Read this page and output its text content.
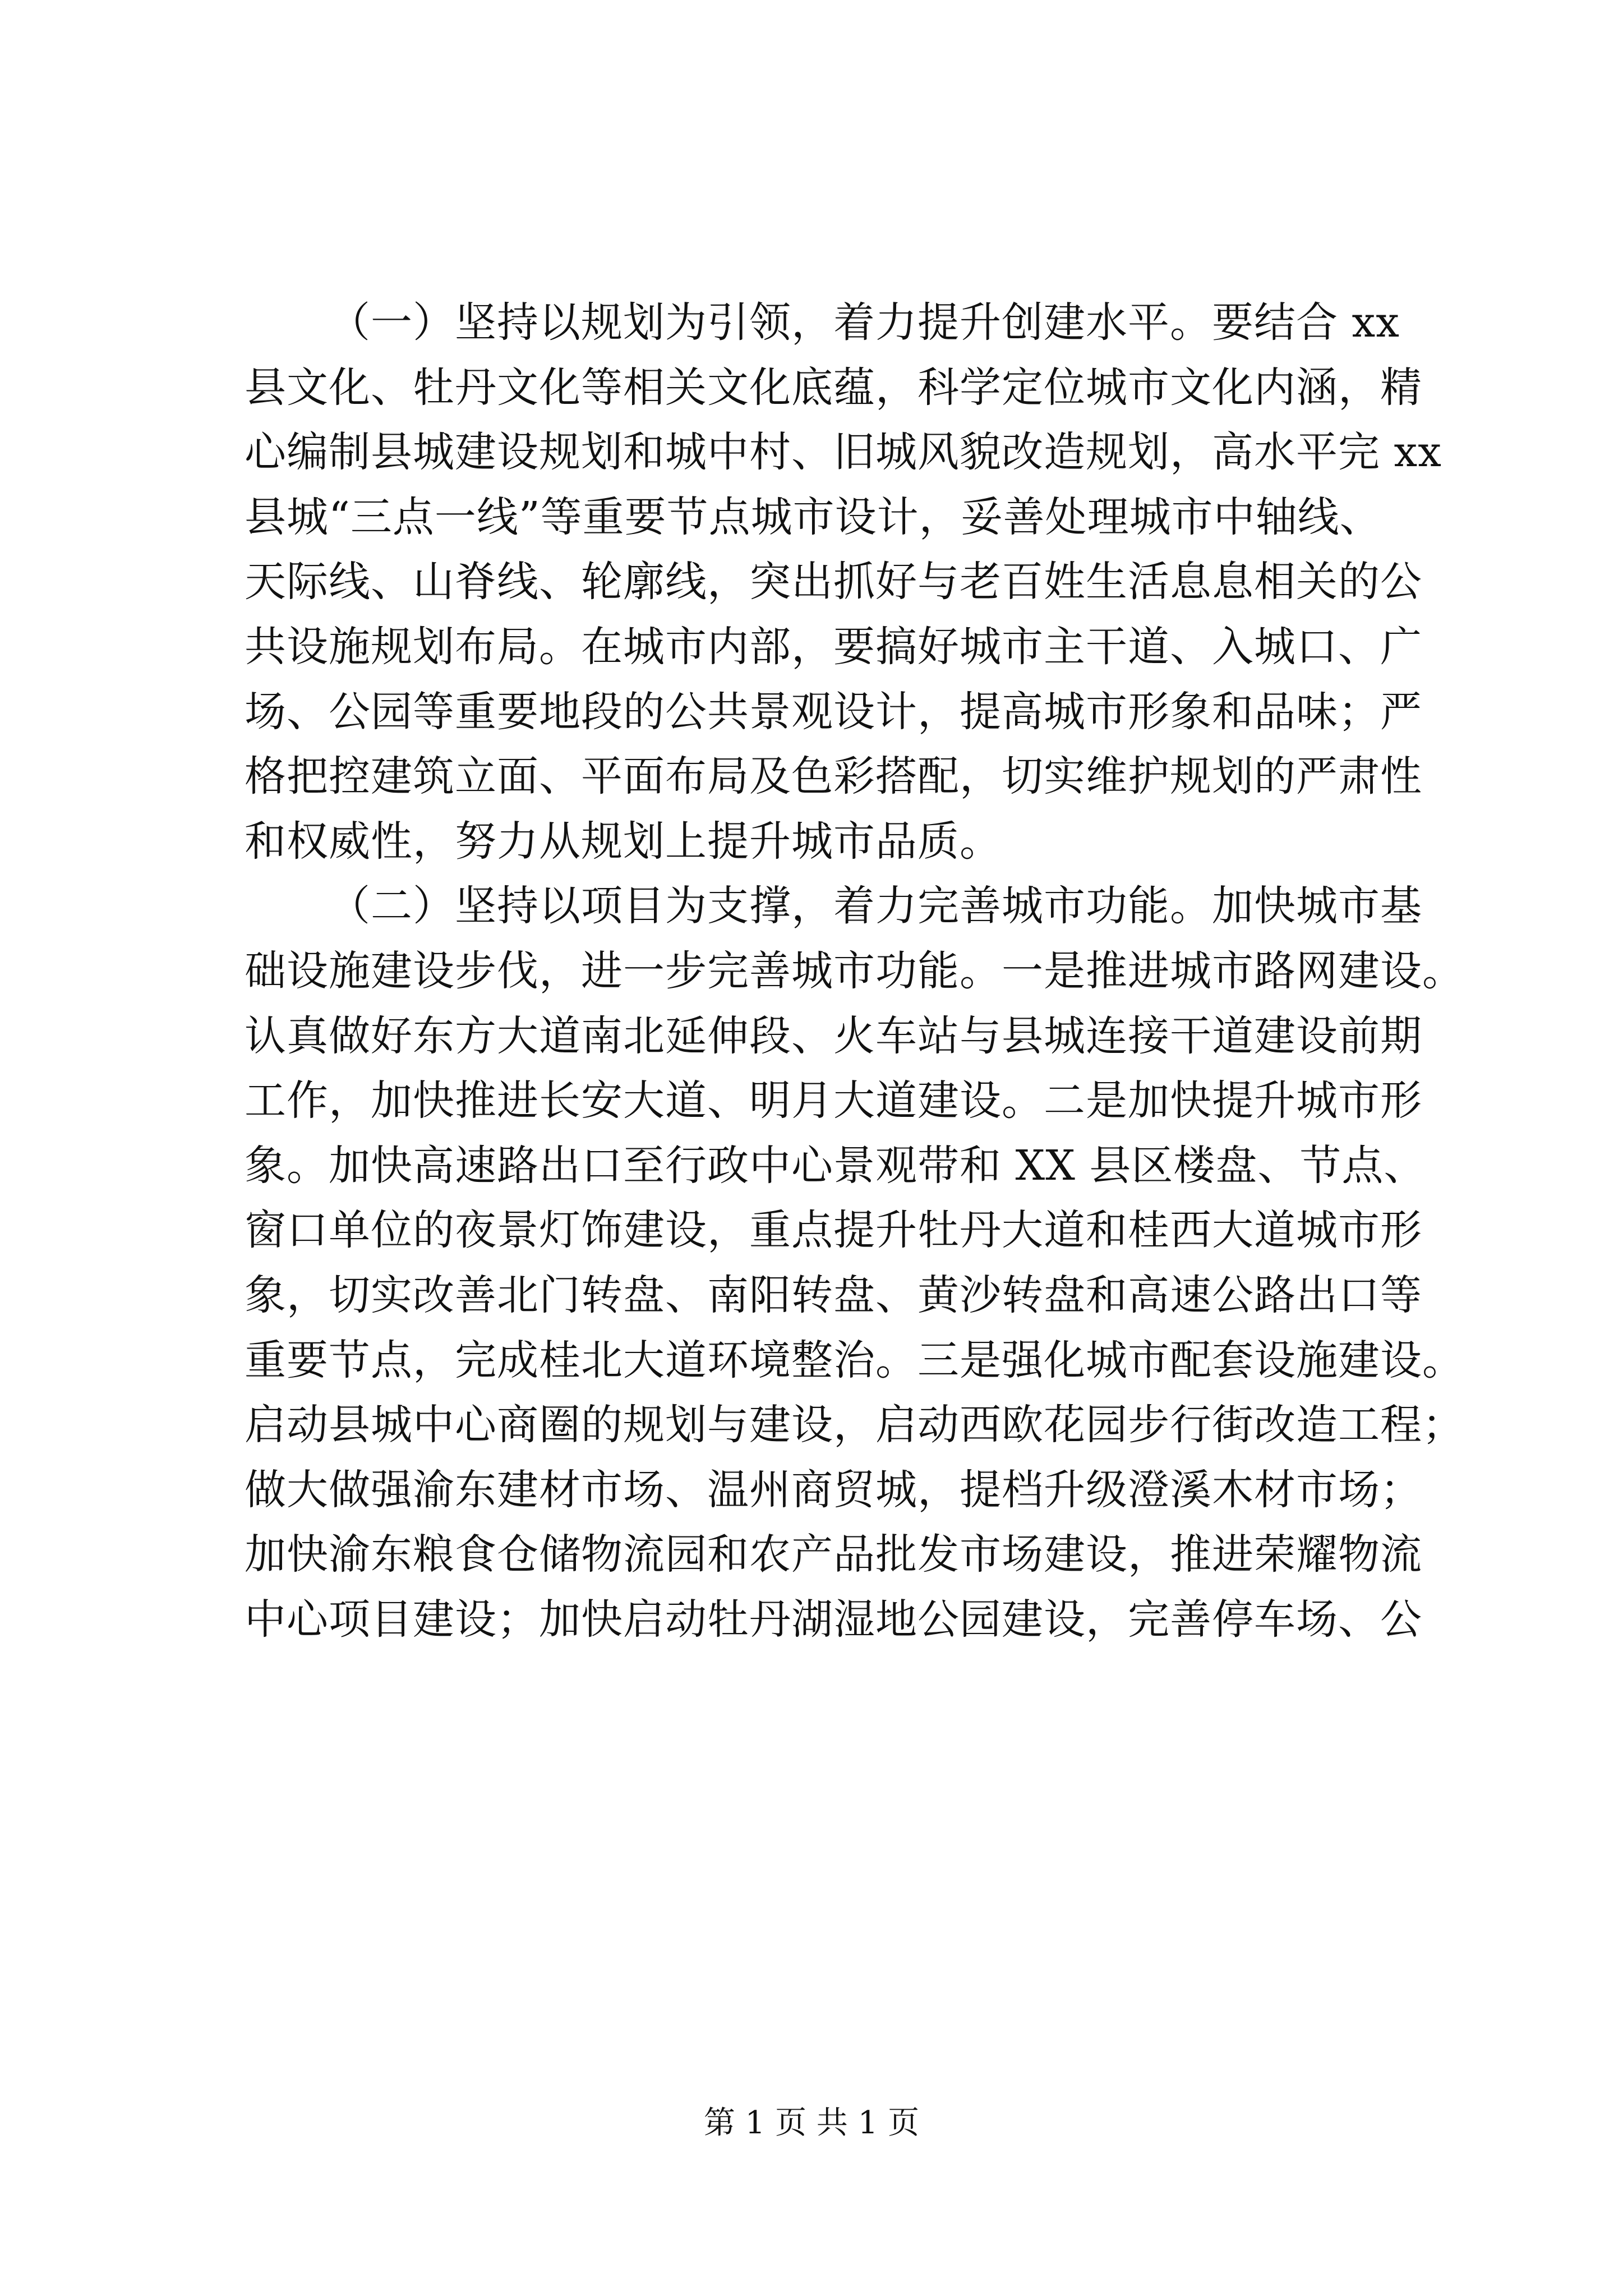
（一）坚持以规划为引领，着力提升创建水平。要结合 xx
县文化、牡丹文化等相关文化底蕴，科学定位城市文化内涵，精
心编制县城建设规划和城中村、旧城风貌改造规划，高水平完 xx
县城“三点一线”等重要节点城市设计，妥善处理城市中轴线、
天际线、山脊线、轮廓线，突出抓好与老百姓生活息息相关的公
共设施规划布局。在城市内部，要搞好城市主干道、入城口、广
场、公园等重要地段的公共景观设计，提高城市形象和品味；严
格把控建筑立面、平面布局及色彩搭配，切实维护规划的严肃性
和权威性，努力从规划上提升城市品质。
（二）坚持以项目为支撑，着力完善城市功能。加快城市基
础设施建设步伐，进一步完善城市功能。一是推进城市路网建设。
认真做好东方大道南北延伸段、火车站与县城连接干道建设前期
工作，加快推进长安大道、明月大道建设。二是加快提升城市形
象。加快高速路出口至行政中心景观带和 XX 县区楼盘、节点、
窗口单位的夜景灯饰建设，重点提升牡丹大道和桂西大道城市形
象，切实改善北门转盘、南阳转盘、黄沙转盘和高速公路出口等
重要节点，完成桂北大道环境整治。三是强化城市配套设施建设。
启动县城中心商圈的规划与建设，启动西欧花园步行街改造工程；
做大做强渝东建材市场、温州商贸城，提档升级澄溪木材市场；
加快渝东粮食仓储物流园和农产品批发市场建设，推进荣耀物流
中心项目建设；加快启动牡丹湖湿地公园建设，完善停车场、公
第 1 页 共 1 页
